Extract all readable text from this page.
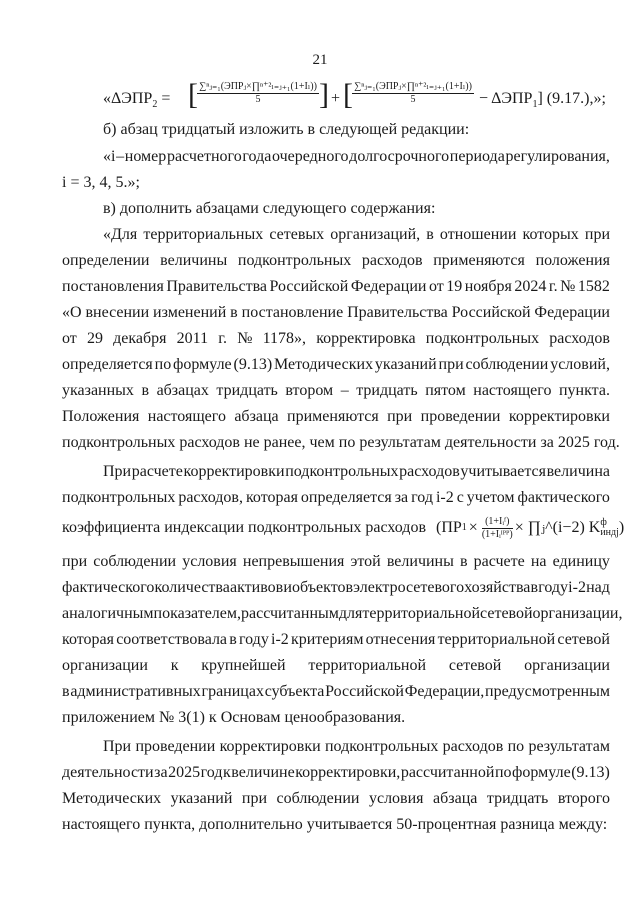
21
«$\Delta ЭПР_2$ = [ ∑ⁿⱼ₌₁(ЭПРⱼ×∏ⁿ⁺²ₗ₌ⱼ₊₁(1+Iₗ))
5	] + [ ∑ⁿⱼ₌₁(ЭПРⱼ×∏ⁿ⁺²ₗ₌ⱼ₊₁(1+Iₗ))
5	− $\Delta ЭПР_1$] (9.17.),»;
б) абзац тридцатый изложить в следующей редакции:
«i – номер расчетного года очередного долгосрочного периода регулирования,
i = 3, 4, 5.»;
в) дополнить абзацами следующего содержания:
«Для территориальных сетевых организаций, в отношении которых при
определении величины подконтрольных расходов применяются положения
постановления Правительства Российской Федерации от 19 ноября 2024 г. № 1582
«О внесении изменений в постановление Правительства Российской Федерации
от 29 декабря 2011 г. № 1178», корректировка подконтрольных расходов
определяется по формуле (9.13) Методических указаний при соблюдении условий,
указанных в абзацах тридцать втором – тридцать пятом настоящего пункта.
Положения настоящего абзаца применяются при проведении корректировки
подконтрольных расходов не ранее, чем по результатам деятельности за 2025 год.
При расчете корректировки подконтрольных расходов учитывается величина
подконтрольных расходов, которая определяется за год i-2 с учетом фактического
коэффициента индексации подконтрольных расходов (ПР $1 \times \frac{\text{(1+Iᵢᶠ)}}{\text{(1+Iᵢᴵᴾᴾ)}}$ × ∏ⱼ^(i−2) K ф
индj )
при соблюдении условия непревышения этой величины в расчете на единицу
фактического количества активов и объектов электросетевого хозяйства в году i-2 над
аналогичным показателем, рассчитанным для территориальной сетевой организации,
которая соответствовала в году i-2 критериям отнесения территориальной сетевой
организации к крупнейшей территориальной сетевой организации
в административных границах субъекта Российской Федерации, предусмотренным
приложением № 3(1) к Основам ценообразования.
При проведении корректировки подконтрольных расходов по результатам
деятельности за 2025 год к величине корректировки, рассчитанной по формуле (9.13)
Методических указаний при соблюдении условия абзаца тридцать второго
настоящего пункта, дополнительно учитывается 50-процентная разница между:
